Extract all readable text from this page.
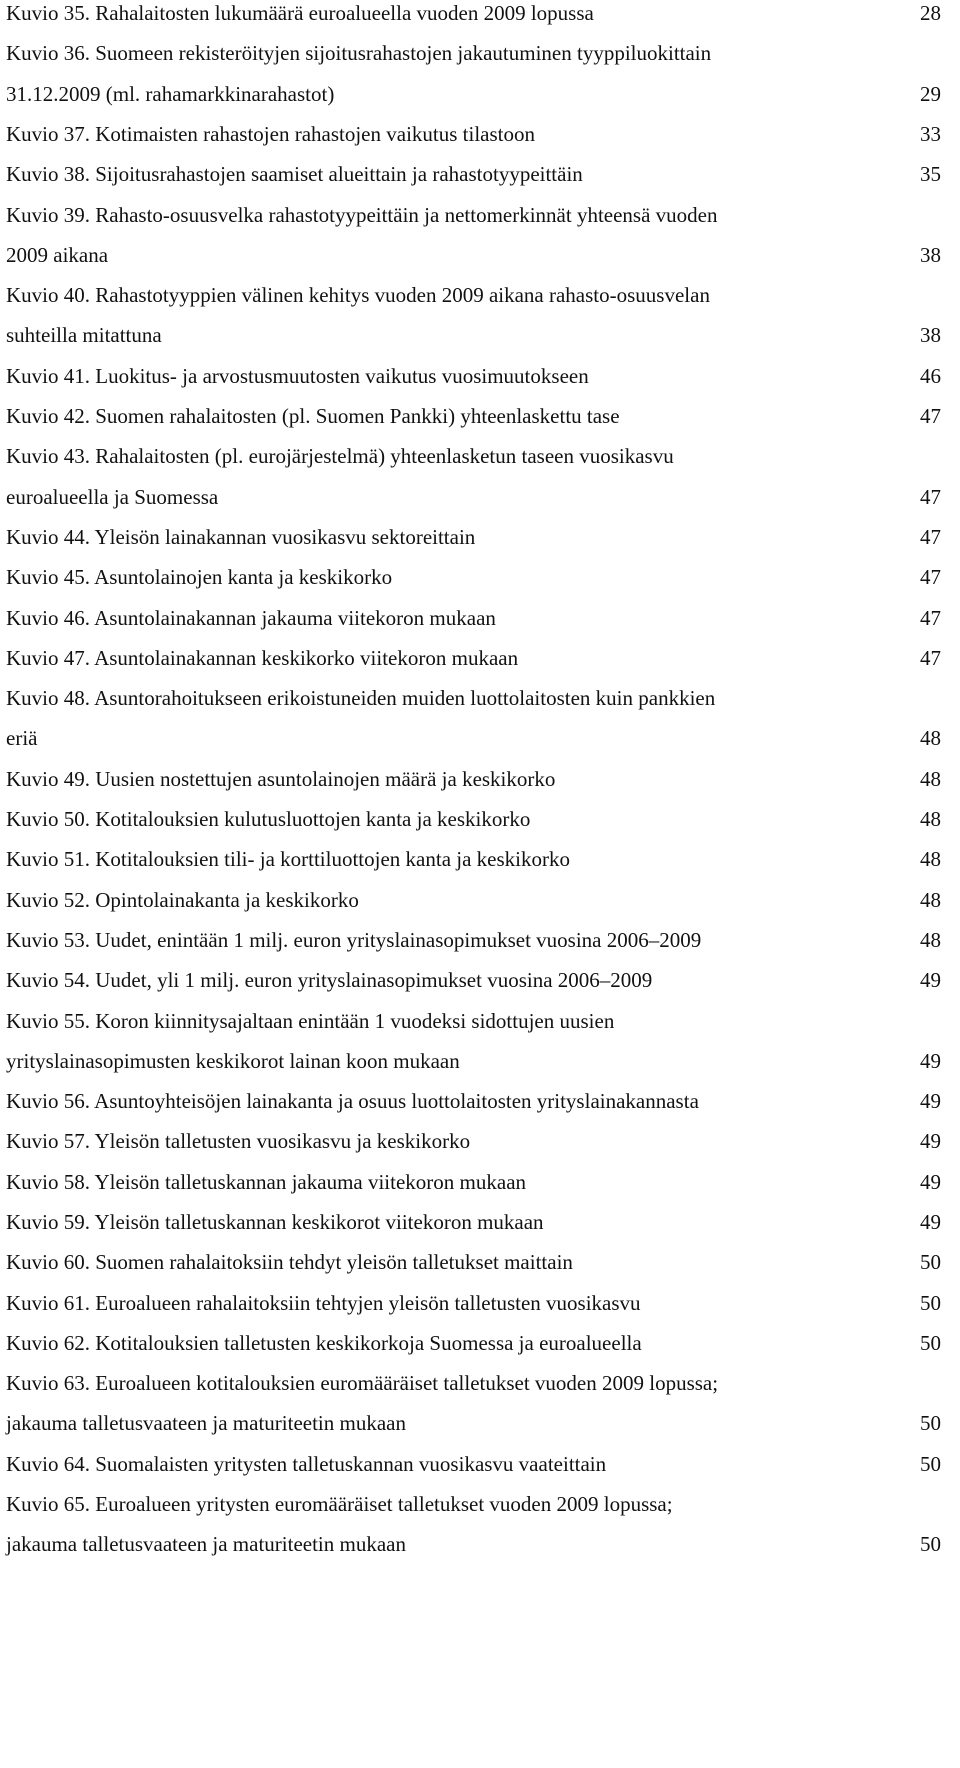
Kuvio 35. Rahalaitosten lukumäärä euroalueella vuoden 2009 lopussa	28
Kuvio 36. Suomeen rekisteröityjen sijoitusrahastojen jakautuminen tyyppiluokittain
31.12.2009 (ml. rahamarkkinarahastot)	29
Kuvio 37. Kotimaisten rahastojen rahastojen vaikutus tilastoon	33
Kuvio 38. Sijoitusrahastojen saamiset alueittain ja rahastotyypeittäin	35
Kuvio 39. Rahasto-osuusvelka rahastotyypeittäin ja nettomerkinnät yhteensä vuoden
2009 aikana	38
Kuvio 40. Rahastotyyppien välinen kehitys vuoden 2009 aikana rahasto-osuusvelan
suhteilla mitattuna	38
Kuvio 41. Luokitus- ja arvostusmuutosten vaikutus vuosimuutokseen	46
Kuvio 42. Suomen rahalaitosten (pl. Suomen Pankki) yhteenlaskettu tase	47
Kuvio 43. Rahalaitosten (pl. eurojärjestelmä) yhteenlasketun taseen vuosikasvu
euroalueella ja Suomessa	47
Kuvio 44. Yleisön lainakannan vuosikasvu sektoreittain	47
Kuvio 45. Asuntolainojen kanta ja keskikorko	47
Kuvio 46. Asuntolainakannan jakauma viitekoron mukaan	47
Kuvio 47. Asuntolainakannan keskikorko viitekoron mukaan	47
Kuvio 48. Asuntorahoitukseen erikoistuneiden muiden luottolaitosten kuin pankkien
eriä	48
Kuvio 49. Uusien nostettujen asuntolainojen määrä ja keskikorko	48
Kuvio 50. Kotitalouksien kulutusluottojen kanta ja keskikorko	48
Kuvio 51. Kotitalouksien tili- ja korttiluottojen kanta ja keskikorko	48
Kuvio 52. Opintolainakanta ja keskikorko	48
Kuvio 53. Uudet, enintään 1 milj. euron yrityslainasopimukset vuosina 2006–2009	48
Kuvio 54. Uudet, yli 1 milj. euron yrityslainasopimukset vuosina 2006–2009	49
Kuvio 55. Koron kiinnitysajaltaan enintään 1 vuodeksi sidottujen uusien
yrityslainasopimusten keskikorot lainan koon mukaan	49
Kuvio 56. Asuntoyhteisöjen lainakanta ja osuus luottolaitosten yrityslainakannasta	49
Kuvio 57. Yleisön talletusten vuosikasvu ja keskikorko	49
Kuvio 58. Yleisön talletuskannan jakauma viitekoron mukaan	49
Kuvio 59. Yleisön talletuskannan keskikorot viitekoron mukaan	49
Kuvio 60. Suomen rahalaitoksiin tehdyt yleisön talletukset maittain	50
Kuvio 61. Euroalueen rahalaitoksiin tehtyjen yleisön talletusten vuosikasvu	50
Kuvio 62. Kotitalouksien talletusten keskikorkoja Suomessa ja euroalueella	50
Kuvio 63. Euroalueen kotitalouksien euromääräiset talletukset vuoden 2009 lopussa;
jakauma talletusvaateen ja maturiteetin mukaan	50
Kuvio 64. Suomalaisten yritysten talletuskannan vuosikasvu vaateittain	50
Kuvio 65. Euroalueen yritysten euromääräiset talletukset vuoden 2009 lopussa;
jakauma talletusvaateen ja maturiteetin mukaan	50
